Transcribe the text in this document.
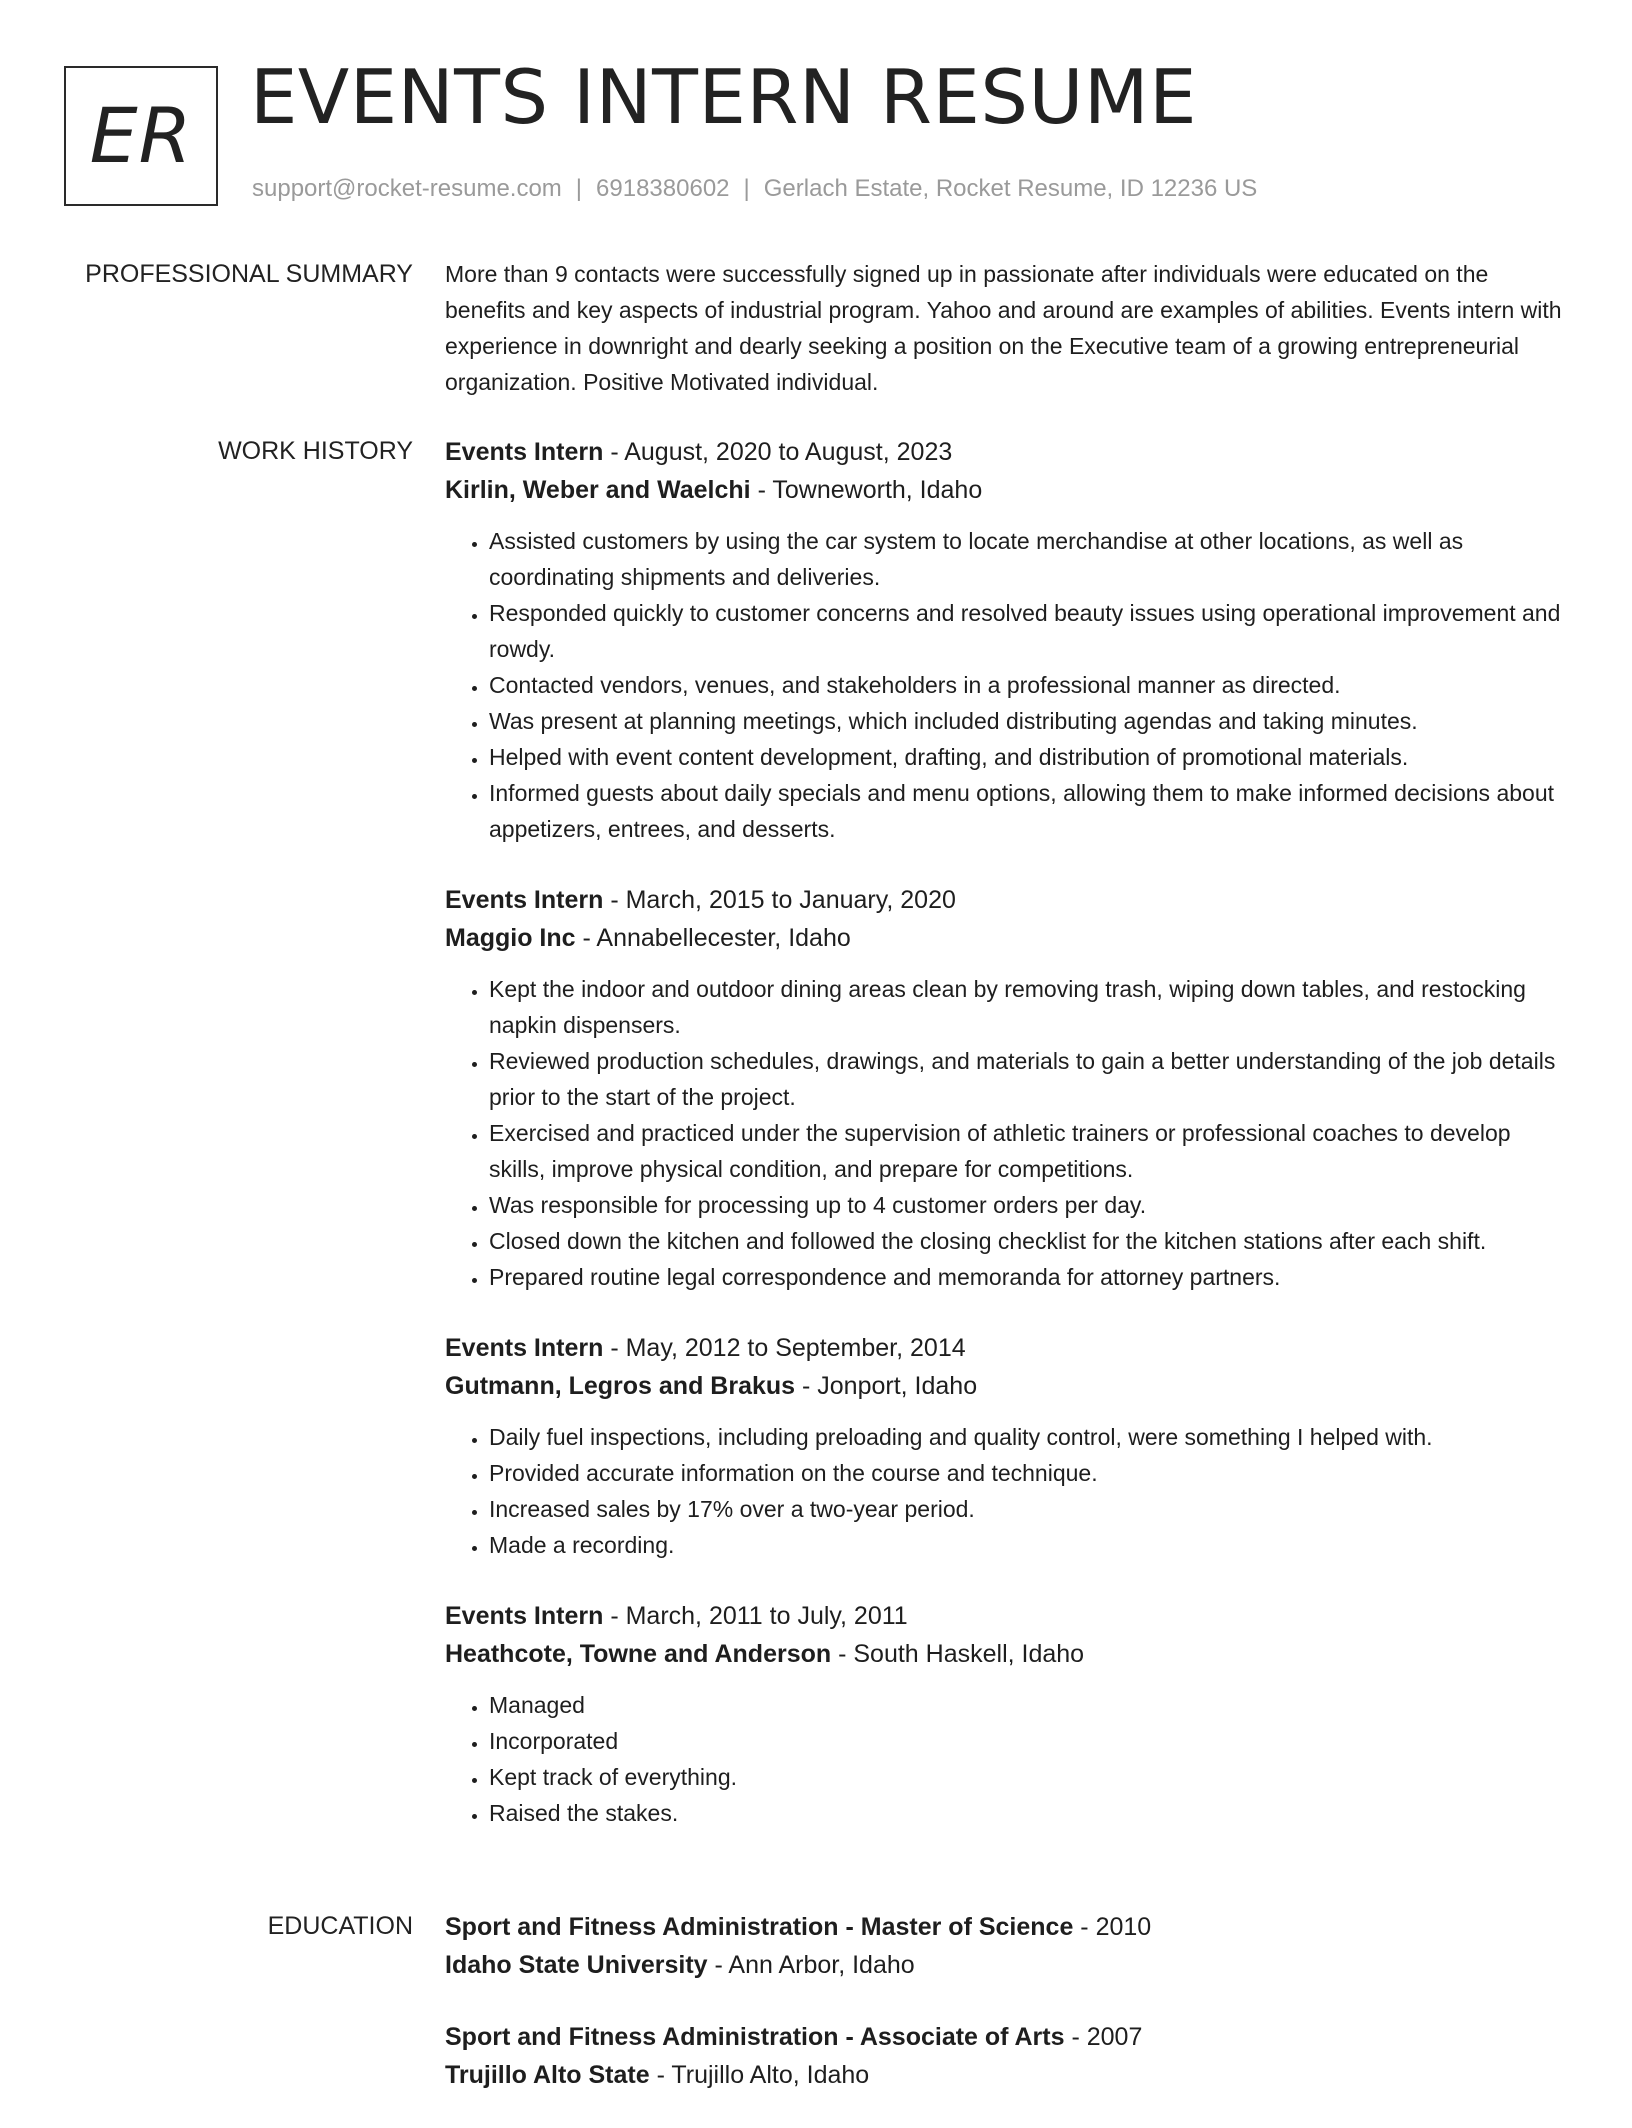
ER EVENTS INTERN RESUME
support@rocket-resume.com | 6918380602 | Gerlach Estate, Rocket Resume, ID 12236 US
PROFESSIONAL SUMMARY More than 9 contacts were successfully signed up in passionate after individuals were educated on the benefits and key aspects of industrial program. Yahoo and around are examples of abilities. Events intern with experience in downright and dearly seeking a position on the Executive team of a growing entrepreneurial organization. Positive Motivated individual.

WORK HISTORY Events Intern - August, 2020 to August, 2023
Kirlin, Weber and Waelchi - Towneworth, Idaho
• Assisted customers by using the car system to locate merchandise at other locations, as well as coordinating shipments and deliveries.
• Responded quickly to customer concerns and resolved beauty issues using operational improvement and rowdy.
• Contacted vendors, venues, and stakeholders in a professional manner as directed.
• Was present at planning meetings, which included distributing agendas and taking minutes.
• Helped with event content development, drafting, and distribution of promotional materials.
• Informed guests about daily specials and menu options, allowing them to make informed decisions about appetizers, entrees, and desserts.
Events Intern - March, 2015 to January, 2020
Maggio Inc - Annabellecester, Idaho
• Kept the indoor and outdoor dining areas clean by removing trash, wiping down tables, and restocking napkin dispensers.
• Reviewed production schedules, drawings, and materials to gain a better understanding of the job details prior to the start of the project.
• Exercised and practiced under the supervision of athletic trainers or professional coaches to develop skills, improve physical condition, and prepare for competitions.
• Was responsible for processing up to 4 customer orders per day.
• Closed down the kitchen and followed the closing checklist for the kitchen stations after each shift.
• Prepared routine legal correspondence and memoranda for attorney partners.
Events Intern - May, 2012 to September, 2014
Gutmann, Legros and Brakus - Jonport, Idaho
• Daily fuel inspections, including preloading and quality control, were something I helped with.
• Provided accurate information on the course and technique.
• Increased sales by 17% over a two-year period.
• Made a recording.
Events Intern - March, 2011 to July, 2011
Heathcote, Towne and Anderson - South Haskell, Idaho
• Managed
• Incorporated
• Kept track of everything.
• Raised the stakes.
EDUCATION Sport and Fitness Administration - Master of Science - 2010
Idaho State University - Ann Arbor, Idaho
Sport and Fitness Administration - Associate of Arts - 2007
Trujillo Alto State - Trujillo Alto, Idaho
